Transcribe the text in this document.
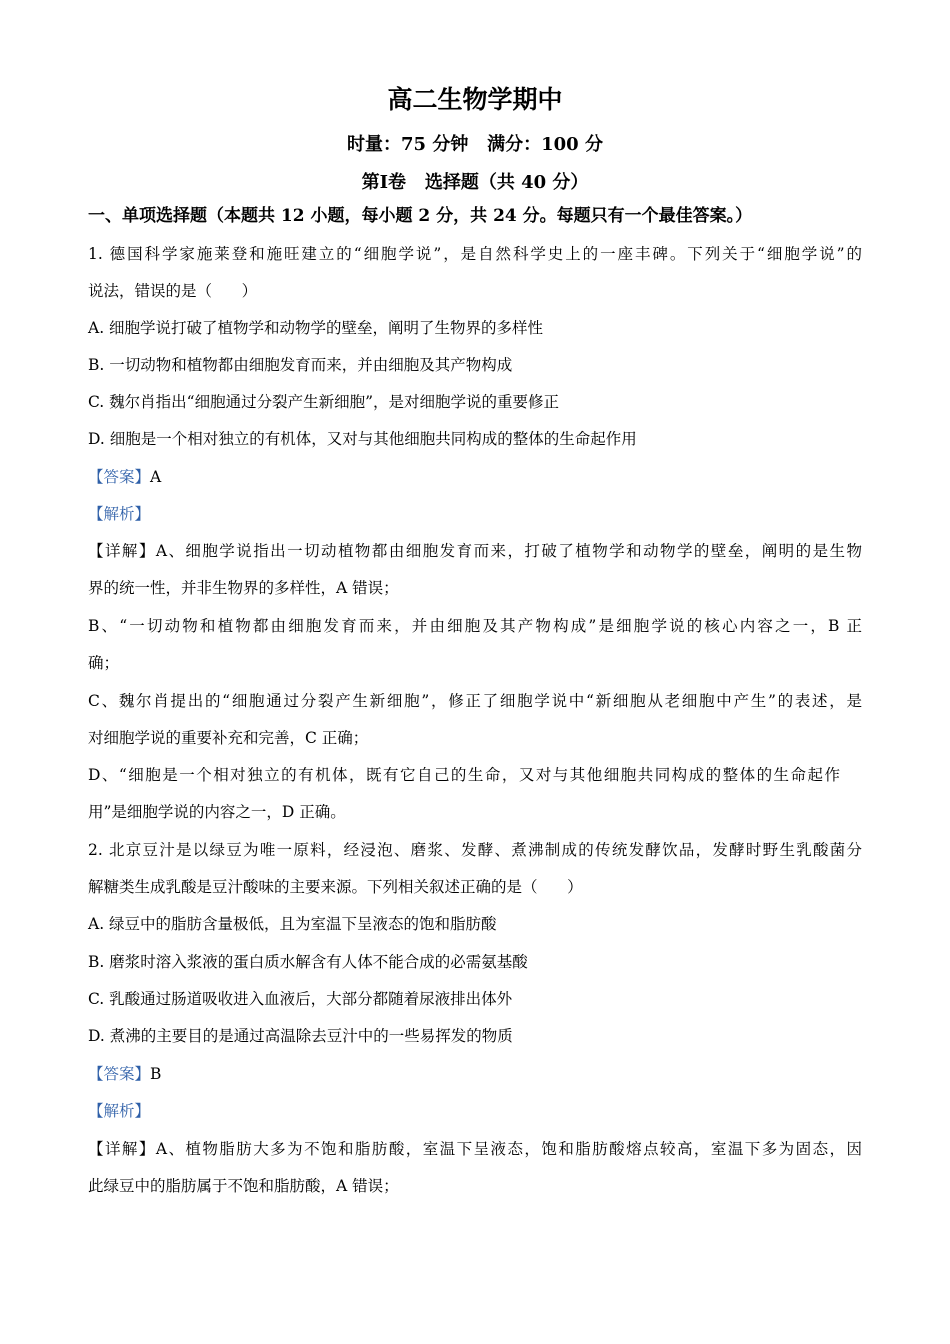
高二生物学期中
时量：75 分钟   满分：100 分
第Ⅰ卷   选择题（共 40 分）
一、单项选择题（本题共 12 小题，每小题 2 分，共 24 分。每题只有一个最佳答案。）
1. 德国科学家施莱登和施旺建立的“细胞学说”，是自然科学史上的一座丰碑。下列关于“细胞学说”的
说法，错误的是（      ）
A. 细胞学说打破了植物学和动物学的壁垒，阐明了生物界的多样性
B. 一切动物和植物都由细胞发育而来，并由细胞及其产物构成
C. 魏尔肖指出“细胞通过分裂产生新细胞”，是对细胞学说的重要修正
D. 细胞是一个相对独立的有机体，又对与其他细胞共同构成的整体的生命起作用
【答案】A
【解析】
【详解】A、细胞学说指出一切动植物都由细胞发育而来，打破了植物学和动物学的壁垒，阐明的是生物
界的统一性，并非生物界的多样性，A 错误；
B、“一切动物和植物都由细胞发育而来，并由细胞及其产物构成”是细胞学说的核心内容之一，B 正
确；
C、魏尔肖提出的“细胞通过分裂产生新细胞”，修正了细胞学说中“新细胞从老细胞中产生”的表述，是
对细胞学说的重要补充和完善，C 正确；
D、“细胞是一个相对独立的有机体，既有它自己的生命，又对与其他细胞共同构成的整体的生命起作
用”是细胞学说的内容之一，D 正确。
2. 北京豆汁是以绿豆为唯一原料，经浸泡、磨浆、发酵、煮沸制成的传统发酵饮品，发酵时野生乳酸菌分
解糖类生成乳酸是豆汁酸味的主要来源。下列相关叙述正确的是（      ）
A. 绿豆中的脂肪含量极低，且为室温下呈液态的饱和脂肪酸
B. 磨浆时溶入浆液的蛋白质水解含有人体不能合成的必需氨基酸
C. 乳酸通过肠道吸收进入血液后，大部分都随着尿液排出体外
D. 煮沸的主要目的是通过高温除去豆汁中的一些易挥发的物质
【答案】B
【解析】
【详解】A、植物脂肪大多为不饱和脂肪酸，室温下呈液态，饱和脂肪酸熔点较高，室温下多为固态，因
此绿豆中的脂肪属于不饱和脂肪酸，A 错误；
